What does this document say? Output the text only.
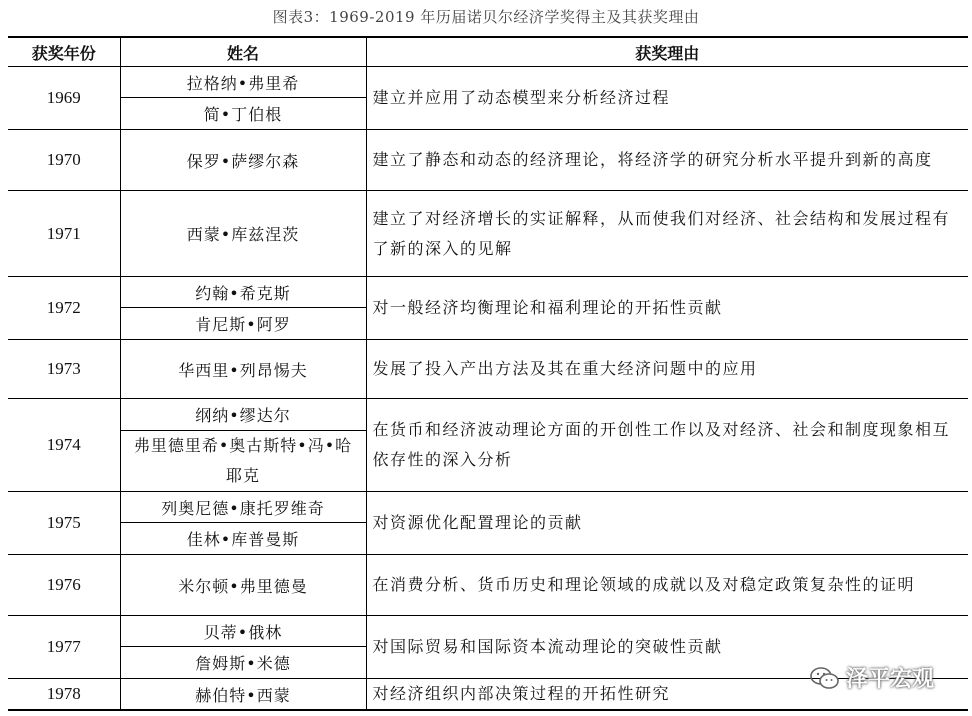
图表3：1969-2019 年历届诺贝尔经济学奖得主及其获奖理由
获奖年份	姓名	获奖理由
1969	拉格纳•弗里希	建立并应用了动态模型来分析经济过程
	简•丁伯根	
1970	保罗•萨缪尔森	建立了静态和动态的经济理论，将经济学的研究分析水平提升到新的高度
1971	西蒙•库兹涅茨	建立了对经济增长的实证解释，从而使我们对经济、社会结构和发展过程有了新的深入的见解
1972	约翰•希克斯	对一般经济均衡理论和福利理论的开拓性贡献
	肯尼斯•阿罗	
1973	华西里•列昂惕夫	发展了投入产出方法及其在重大经济问题中的应用
1974	纲纳•缪达尔	在货币和经济波动理论方面的开创性工作以及对经济、社会和制度现象相互依存性的深入分析
	弗里德里希•奥古斯特•冯•哈耶克	
1975	列奥尼德•康托罗维奇	对资源优化配置理论的贡献
	佳林•库普曼斯	
1976	米尔顿•弗里德曼	在消费分析、货币历史和理论领域的成就以及对稳定政策复杂性的证明
1977	贝蒂•俄林	对国际贸易和国际资本流动理论的突破性贡献
	詹姆斯•米德	
1978	赫伯特•西蒙	对经济组织内部决策过程的开拓性研究
泽平宏观
